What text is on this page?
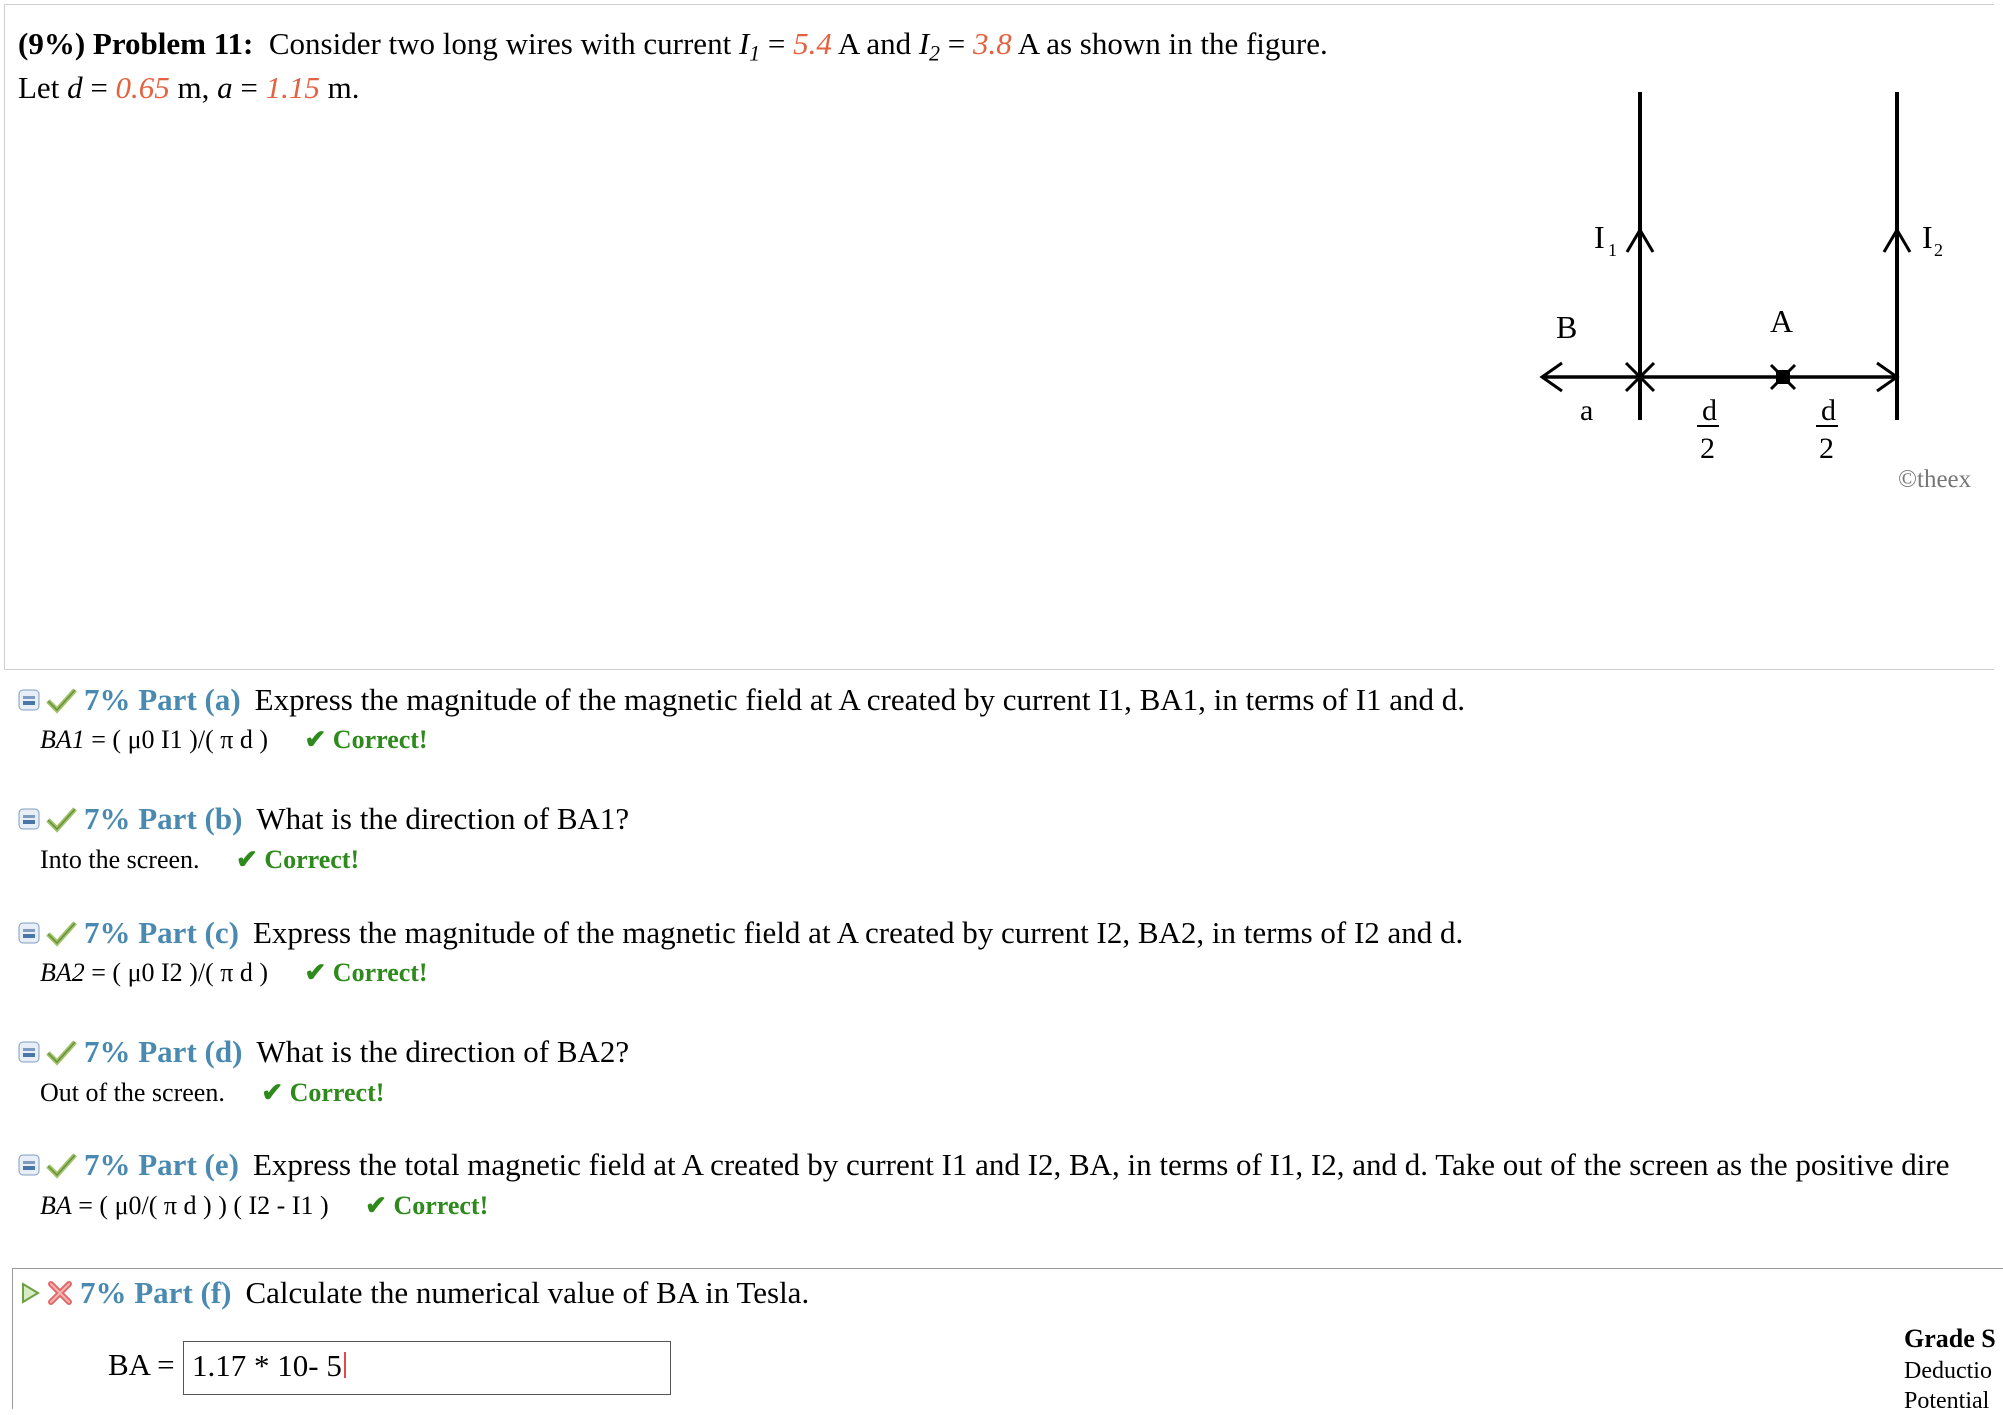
(9%) Problem 11: Consider two long wires with current $I_1 = 5.4$ A and $I_2 = 3.8$ A as shown in the figure.
Let d = 0.65 m, a = 1.15 m.
B	A
I 1	I 2
a	d
2
d
2
©theex
7% Part (a) Express the magnitude of the magnetic field at A created by current I1, BA1, in terms of I1 and d.
BA1 = ( μ0 I1 )/( π d ) ✔ Correct!
7% Part (b) What is the direction of BA1?
Into the screen. ✔ Correct!
7% Part (c) Express the magnitude of the magnetic field at A created by current I2, BA2, in terms of I2 and d.
BA2 = ( μ0 I2 )/( π d ) ✔ Correct!
7% Part (d) What is the direction of BA2?
Out of the screen. ✔ Correct!
7% Part (e) Express the total magnetic field at A created by current I1 and I2, BA, in terms of I1, I2, and d. Take out of the screen as the positive dire
BA = ( μ0/( π d ) ) ( I2 - I1 ) ✔ Correct!
7% Part (f) Calculate the numerical value of BA in Tesla.
BA = 1.17 * 10- 5
Grade S
Deductio
Potential
